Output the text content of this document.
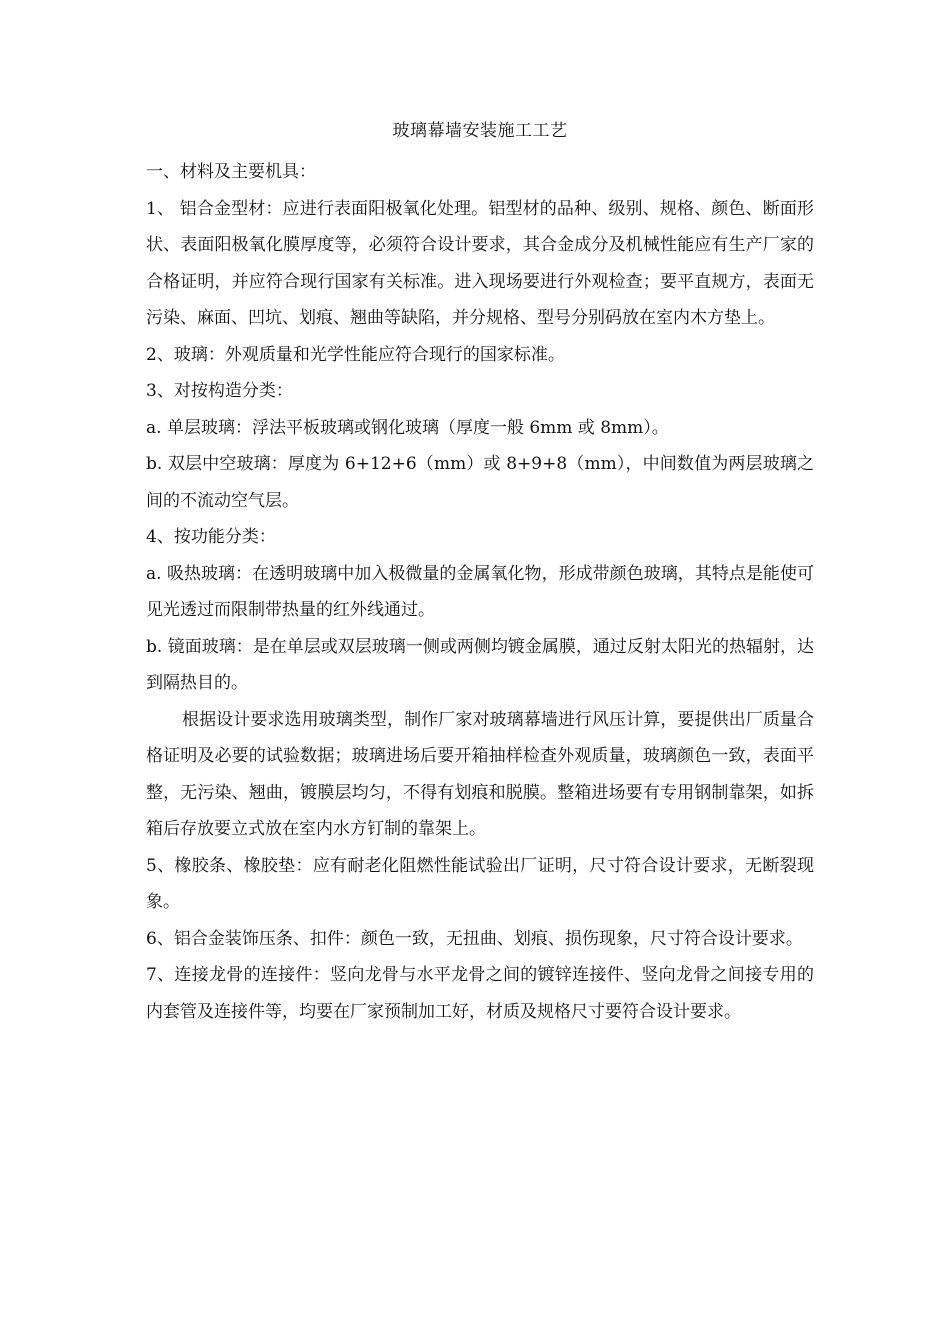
玻璃幕墙安装施工工艺

一、材料及主要机具：

1、 铝合金型材：应进行表面阳极氧化处理。铝型材的品种、级别、规格、颜色、断面形状、表面阳极氧化膜厚度等，必须符合设计要求，其合金成分及机械性能应有生产厂家的合格证明，并应符合现行国家有关标准。进入现场要进行外观检查；要平直规方，表面无污染、麻面、凹坑、划痕、翘曲等缺陷，并分规格、型号分别码放在室内木方垫上。

2、玻璃：外观质量和光学性能应符合现行的国家标准。

3、对按构造分类：

a. 单层玻璃：浮法平板玻璃或钢化玻璃（厚度一般 6mm 或 8mm）。

b. 双层中空玻璃：厚度为 6+12+6（mm）或 8+9+8（mm），中间数值为两层玻璃之间的不流动空气层。

4、按功能分类：

a. 吸热玻璃：在透明玻璃中加入极微量的金属氧化物，形成带颜色玻璃，其特点是能使可见光透过而限制带热量的红外线通过。

b. 镜面玻璃：是在单层或双层玻璃一侧或两侧均镀金属膜，通过反射太阳光的热辐射，达到隔热目的。

根据设计要求选用玻璃类型，制作厂家对玻璃幕墙进行风压计算，要提供出厂质量合格证明及必要的试验数据；玻璃进场后要开箱抽样检查外观质量，玻璃颜色一致，表面平整，无污染、翘曲，镀膜层均匀，不得有划痕和脱膜。整箱进场要有专用钢制靠架，如拆箱后存放要立式放在室内水方钉制的靠架上。

5、橡胶条、橡胶垫：应有耐老化阻燃性能试验出厂证明，尺寸符合设计要求，无断裂现象。

6、铝合金装饰压条、扣件：颜色一致，无扭曲、划痕、损伤现象，尺寸符合设计要求。

7、连接龙骨的连接件：竖向龙骨与水平龙骨之间的镀锌连接件、竖向龙骨之间接专用的内套管及连接件等，均要在厂家预制加工好，材质及规格尺寸要符合设计要求。
